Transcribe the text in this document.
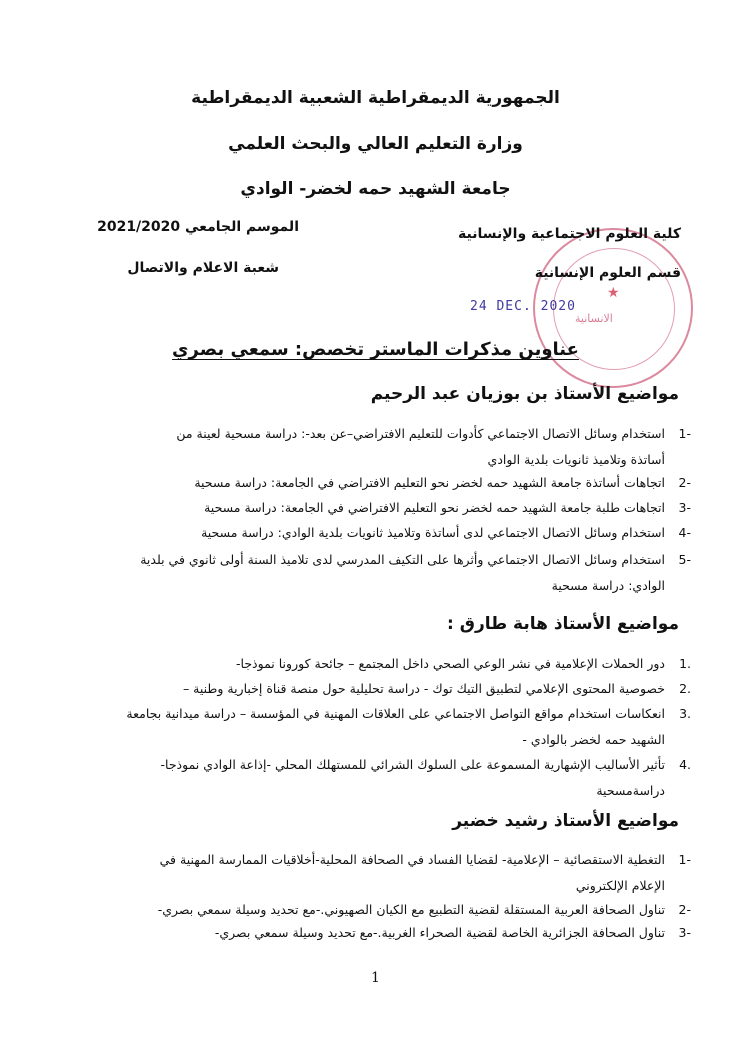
الجمهورية الديمقراطية الشعبية الديمقراطية
وزارة التعليم العالي والبحث العلمي
جامعة الشهيد حمه لخضر- الوادي
★
الانسانية
24 DEC. 2020
كلية العلوم الاجتماعية والإنسانية
قسم العلوم الإنسانية
الموسم الجامعي 2021/2020
شعبة الاعلام والاتصال
عناوين مذكرات الماستر تخصص: سمعي بصري
مواضيع الأستاذ بن بوزيان عبد الرحيم
-1
استخدام وسائل الاتصال الاجتماعي كأدوات للتعليم الافتراضي–عن بعد-: دراسة مسحية لعينة من
أساتذة وتلاميذ ثانويات بلدية الوادي
-2
اتجاهات أساتذة جامعة الشهيد حمه لخضر نحو التعليم الافتراضي في الجامعة: دراسة مسحية
-3
اتجاهات طلبة جامعة الشهيد حمه لخضر نحو التعليم الافتراضي في الجامعة: دراسة مسحية
-4
استخدام وسائل الاتصال الاجتماعي لدى أساتذة وتلاميذ ثانويات بلدية الوادي: دراسة مسحية
-5
استخدام وسائل الاتصال الاجتماعي وأثرها على التكيف المدرسي لدى تلاميذ السنة أولى ثانوي في بلدية
الوادي: دراسة مسحية
مواضيع الأستاذ هابة طارق :
.1
دور الحملات الإعلامية في نشر الوعي الصحي داخل المجتمع – جائحة كورونا نموذجا-
.2
خصوصية المحتوى الإعلامي لتطبيق التيك توك - دراسة تحليلية حول منصة قناة إخبارية وطنية –
.3
انعكاسات استخدام مواقع التواصل الاجتماعي على العلاقات المهنية في المؤسسة – دراسة ميدانية بجامعة
الشهيد حمه لخضر بالوادي -
.4
تأثير الأساليب الإشهارية المسموعة على السلوك الشرائي للمستهلك المحلي -إذاعة الوادي نموذجا-
دراسةمسحية
مواضيع الأستاذ رشيد خضير
-1
التغطية الاستقصائية – الإعلامية- لقضايا الفساد في الصحافة المحلية-أخلاقيات الممارسة المهنية في
الإعلام الإلكتروني
-2
تناول الصحافة العربية المستقلة لقضية التطبيع مع الكيان الصهيوني.-مع تحديد وسيلة سمعي بصري-
-3
تناول الصحافة الجزائرية الخاصة لقضية الصحراء الغربية.-مع تحديد وسيلة سمعي بصري-
1
